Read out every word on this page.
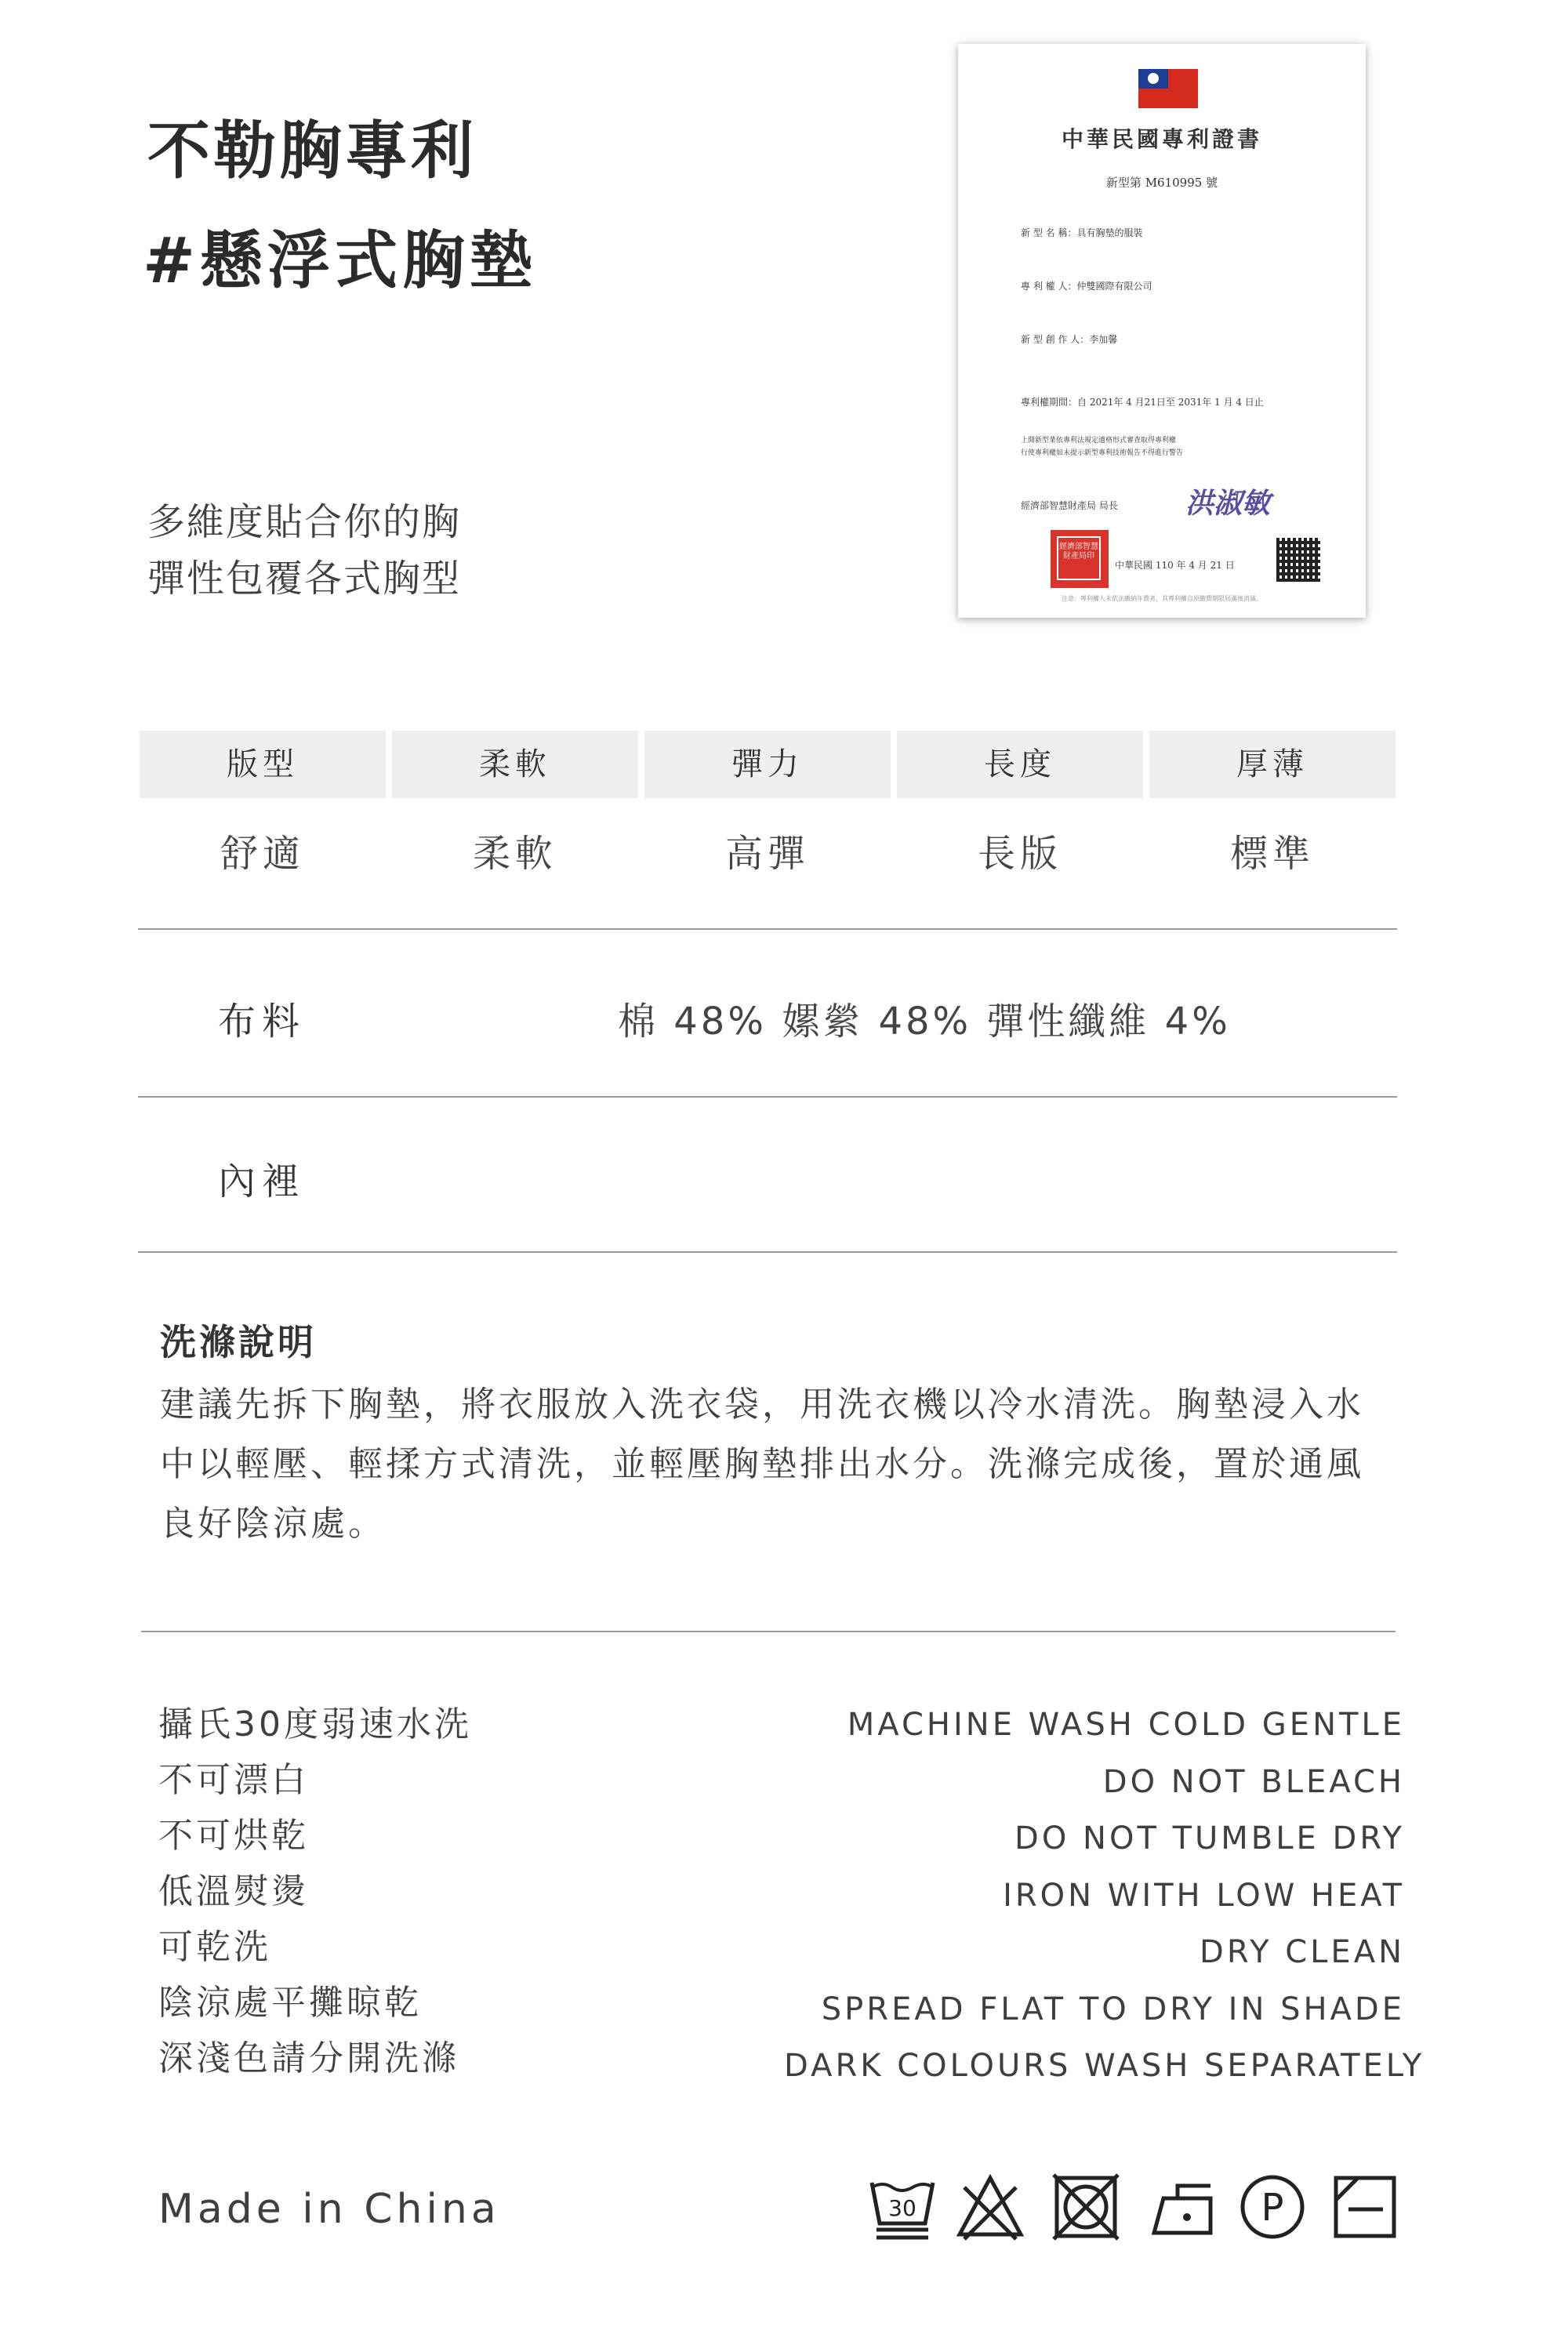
不勒胸專利
#懸浮式胸墊
多維度貼合你的胸
彈性包覆各式胸型
中華民國專利證書
新型第 M610995 號
新 型 名 稱：具有胸墊的服裝
專 利 權 人：仲雙國際有限公司
新 型 創 作 人：李加馨
專利權期間：自 2021年 4 月21日至 2031年 1 月 4 日止
上開新型業依專利法規定適格形式審查取得專利權
行使專利權如未提示新型專利技術報告不得進行警告
經濟部智慧財產局 局長 洪淑敏
中華民國 110 年 4 月 21 日
經濟部智慧財產局印
注意：專利權人未依法繳納年費者，其專利權自原繳費期限屆滿後消滅。
版型	柔軟	彈力	長度	厚薄
舒適	柔軟	高彈	長版	標準
布料	棉 48% 嫘縈 48% 彈性纖維 4%
內裡
洗滌說明
建議先拆下胸墊，將衣服放入洗衣袋，用洗衣機以冷水清洗。胸墊浸入水中以輕壓、輕揉方式清洗，並輕壓胸墊排出水分。洗滌完成後，置於通風良好陰涼處。
攝氏30度弱速水洗
不可漂白
不可烘乾
低溫熨燙
可乾洗
陰涼處平攤晾乾
深淺色請分開洗滌
MACHINE WASH COLD GENTLE
DO NOT BLEACH
DO NOT TUMBLE DRY
IRON WITH LOW HEAT
DRY CLEAN
SPREAD FLAT TO DRY IN SHADE
DARK COLOURS WASH SEPARATELY
Made in China	30	P
